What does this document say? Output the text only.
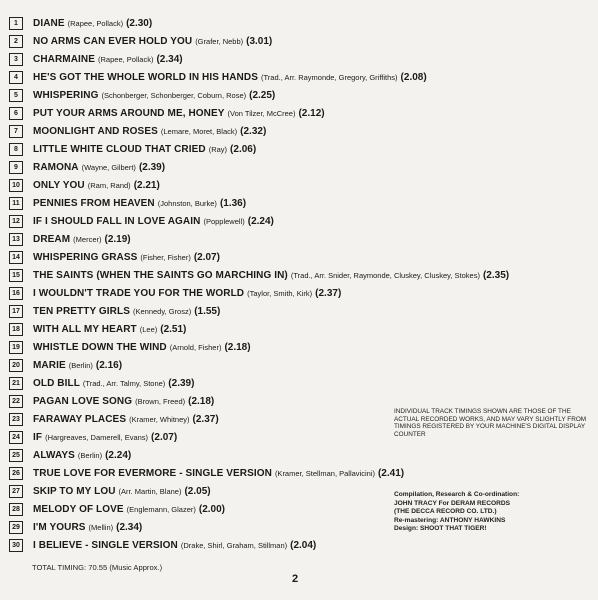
1	DIANE (Rapee, Pollack) (2.30)
2	NO ARMS CAN EVER HOLD YOU (Grafer, Nebb) (3.01)
3	CHARMAINE (Rapee, Pollack) (2.34)
4	HE'S GOT THE WHOLE WORLD IN HIS HANDS (Trad., Arr. Raymonde, Gregory, Griffiths) (2.08)
5	WHISPERING (Schonberger, Schonberger, Coburn, Rose) (2.25)
6	PUT YOUR ARMS AROUND ME, HONEY (Von Tilzer, McCree) (2.12)
7	MOONLIGHT AND ROSES (Lemare, Moret, Black) (2.32)
8	LITTLE WHITE CLOUD THAT CRIED (Ray) (2.06)
9	RAMONA (Wayne, Gilbert) (2.39)
10	ONLY YOU (Ram, Rand) (2.21)
11	PENNIES FROM HEAVEN (Johnston, Burke) (1.36)
12	IF I SHOULD FALL IN LOVE AGAIN (Popplewell) (2.24)
13	DREAM (Mercer) (2.19)
14	WHISPERING GRASS (Fisher, Fisher) (2.07)
15	THE SAINTS (WHEN THE SAINTS GO MARCHING IN) (Trad., Arr. Snider, Raymonde, Cluskey, Cluskey, Stokes) (2.35)
16	I WOULDN'T TRADE YOU FOR THE WORLD (Taylor, Smith, Kirk) (2.37)
17	TEN PRETTY GIRLS (Kennedy, Grosz) (1.55)
18	WITH ALL MY HEART (Lee) (2.51)
19	WHISTLE DOWN THE WIND (Arnold, Fisher) (2.18)
20	MARIE (Berlin) (2.16)
21	OLD BILL (Trad., Arr. Talmy, Stone) (2.39)
22	PAGAN LOVE SONG (Brown, Freed) (2.18)
23	FARAWAY PLACES (Kramer, Whitney) (2.37)
24	IF (Hargreaves, Damerell, Evans) (2.07)
25	ALWAYS (Berlin) (2.24)
26	TRUE LOVE FOR EVERMORE - SINGLE VERSION (Kramer, Stellman, Pallavicini) (2.41)
27	SKIP TO MY LOU (Arr. Martin, Blane) (2.05)
28	MELODY OF LOVE (Englemann, Glazer) (2.00)
29	I'M YOURS (Mellin) (2.34)
30	I BELIEVE - SINGLE VERSION (Drake, Shirl, Graham, Stillman) (2.04)
INDIVIDUAL TRACK TIMINGS SHOWN ARE THOSE OF THE ACTUAL RECORDED WORKS, AND MAY VARY SLIGHTLY FROM TIMINGS REGISTERED BY YOUR MACHINE'S DIGITAL DISPLAY COUNTER
Compilation, Research & Co-ordination:
JOHN TRACY For DERAM RECORDS
(THE DECCA RECORD CO. LTD.)
Re-mastering: ANTHONY HAWKINS
Design: SHOOT THAT TIGER!
TOTAL TIMING: 70.55 (Music Approx.)
2
